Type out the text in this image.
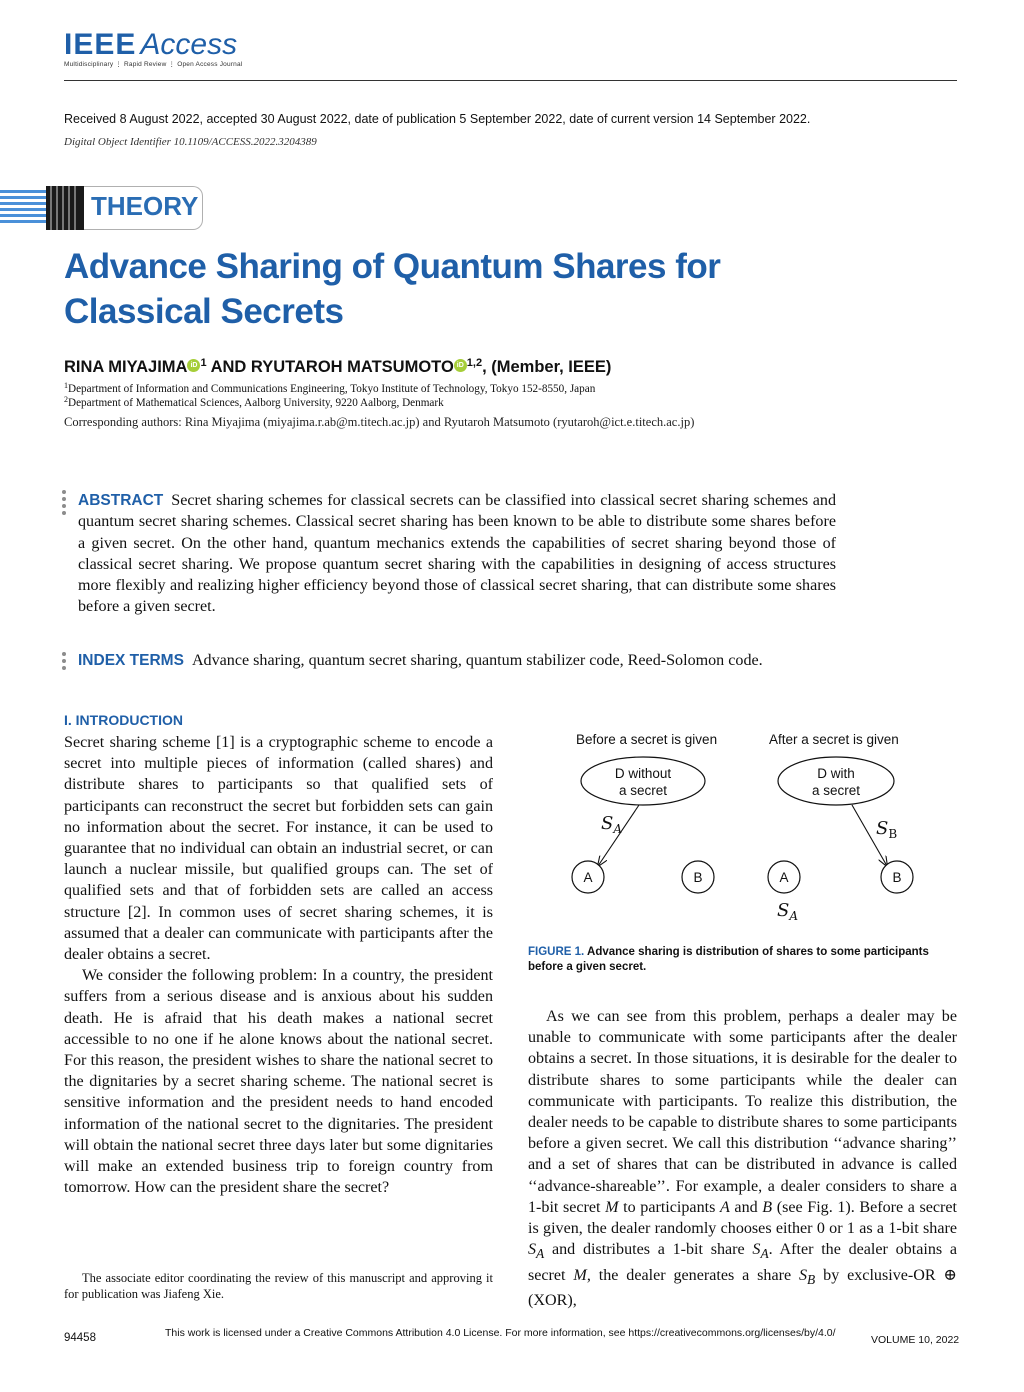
IEEE Access
Multidisciplinary ⋮ Rapid Review ⋮ Open Access Journal
Received 8 August 2022, accepted 30 August 2022, date of publication 5 September 2022, date of current version 14 September 2022.
Digital Object Identifier 10.1109/ACCESS.2022.3204389
THEORY
Advance Sharing of Quantum Shares for
Classical Secrets
RINA MIYAJIMA iD $^1$ AND RYUTAROH MATSUMOTO iD $^{1,2}$, (Member, IEEE)
$^1$Department of Information and Communications Engineering, Tokyo Institute of Technology, Tokyo 152-8550, Japan
$^2$Department of Mathematical Sciences, Aalborg University, 9220 Aalborg, Denmark
Corresponding authors: Rina Miyajima (miyajima.r.ab@m.titech.ac.jp) and Ryutaroh Matsumoto (ryutaroh@ict.e.titech.ac.jp)
ABSTRACT Secret sharing schemes for classical secrets can be classified into classical secret sharing schemes and quantum secret sharing schemes. Classical secret sharing has been known to be able to distribute some shares before a given secret. On the other hand, quantum mechanics extends the capabilities of secret sharing beyond those of classical secret sharing. We propose quantum secret sharing with the capabilities in designing of access structures more flexibly and realizing higher efficiency beyond those of classical secret sharing, that can distribute some shares before a given secret.
INDEX TERMS Advance sharing, quantum secret sharing, quantum stabilizer code, Reed-Solomon code.
I. INTRODUCTION

Secret sharing scheme [1] is a cryptographic scheme to encode a secret into multiple pieces of information (called shares) and distribute shares to participants so that qualified sets of participants can reconstruct the secret but forbidden sets can gain no information about the secret. For instance, it can be used to guarantee that no individual can obtain an industrial secret, or can launch a nuclear missile, but qualified groups can. The set of qualified sets and that of forbidden sets are called an access structure [2]. In common uses of secret sharing schemes, it is assumed that a dealer can communicate with participants after the dealer obtains a secret.

We consider the following problem: In a country, the president suffers from a serious disease and is anxious about his sudden death. He is afraid that his death makes a national secret accessible to no one if he alone knows about the national secret. For this reason, the president wishes to share the national secret to the dignitaries by a secret sharing scheme. The national secret is sensitive information and the president needs to hand encoded information of the national secret to the dignitaries. The president will obtain the national secret three days later but some dignitaries will make an extended business trip to foreign country from tomorrow. How can the president share the secret?

The associate editor coordinating the review of this manuscript and approving it for publication was Jiafeng Xie.
Before a secret is given	After a secret is given
D without
a secret
D with
a secret
A	B	A	B
$S_A$	$S_B$
$S_A$
FIGURE 1. Advance sharing is distribution of shares to some participants before a given secret.

As we can see from this problem, perhaps a dealer may be unable to communicate with some participants after the dealer obtains a secret. In those situations, it is desirable for the dealer to distribute shares to some participants while the dealer can communicate with participants. To realize this distribution, the dealer needs to be capable to distribute shares to some participants before a given secret. We call this distribution ‘‘advance sharing’’ and a set of shares that can be distributed in advance is called ‘‘advance-shareable’’. For example, a dealer considers to share a 1-bit secret M to participants A and B (see Fig. 1). Before a secret is given, the dealer randomly chooses either 0 or 1 as a 1-bit share $S_A$ and distributes a 1-bit share $S_A$. After the dealer obtains a secret M, the dealer generates a share $S_B$ by exclusive-OR ⊕ (XOR),

94458	This work is licensed under a Creative Commons Attribution 4.0 License. For more information, see https://creativecommons.org/licenses/by/4.0/
VOLUME 10, 2022
